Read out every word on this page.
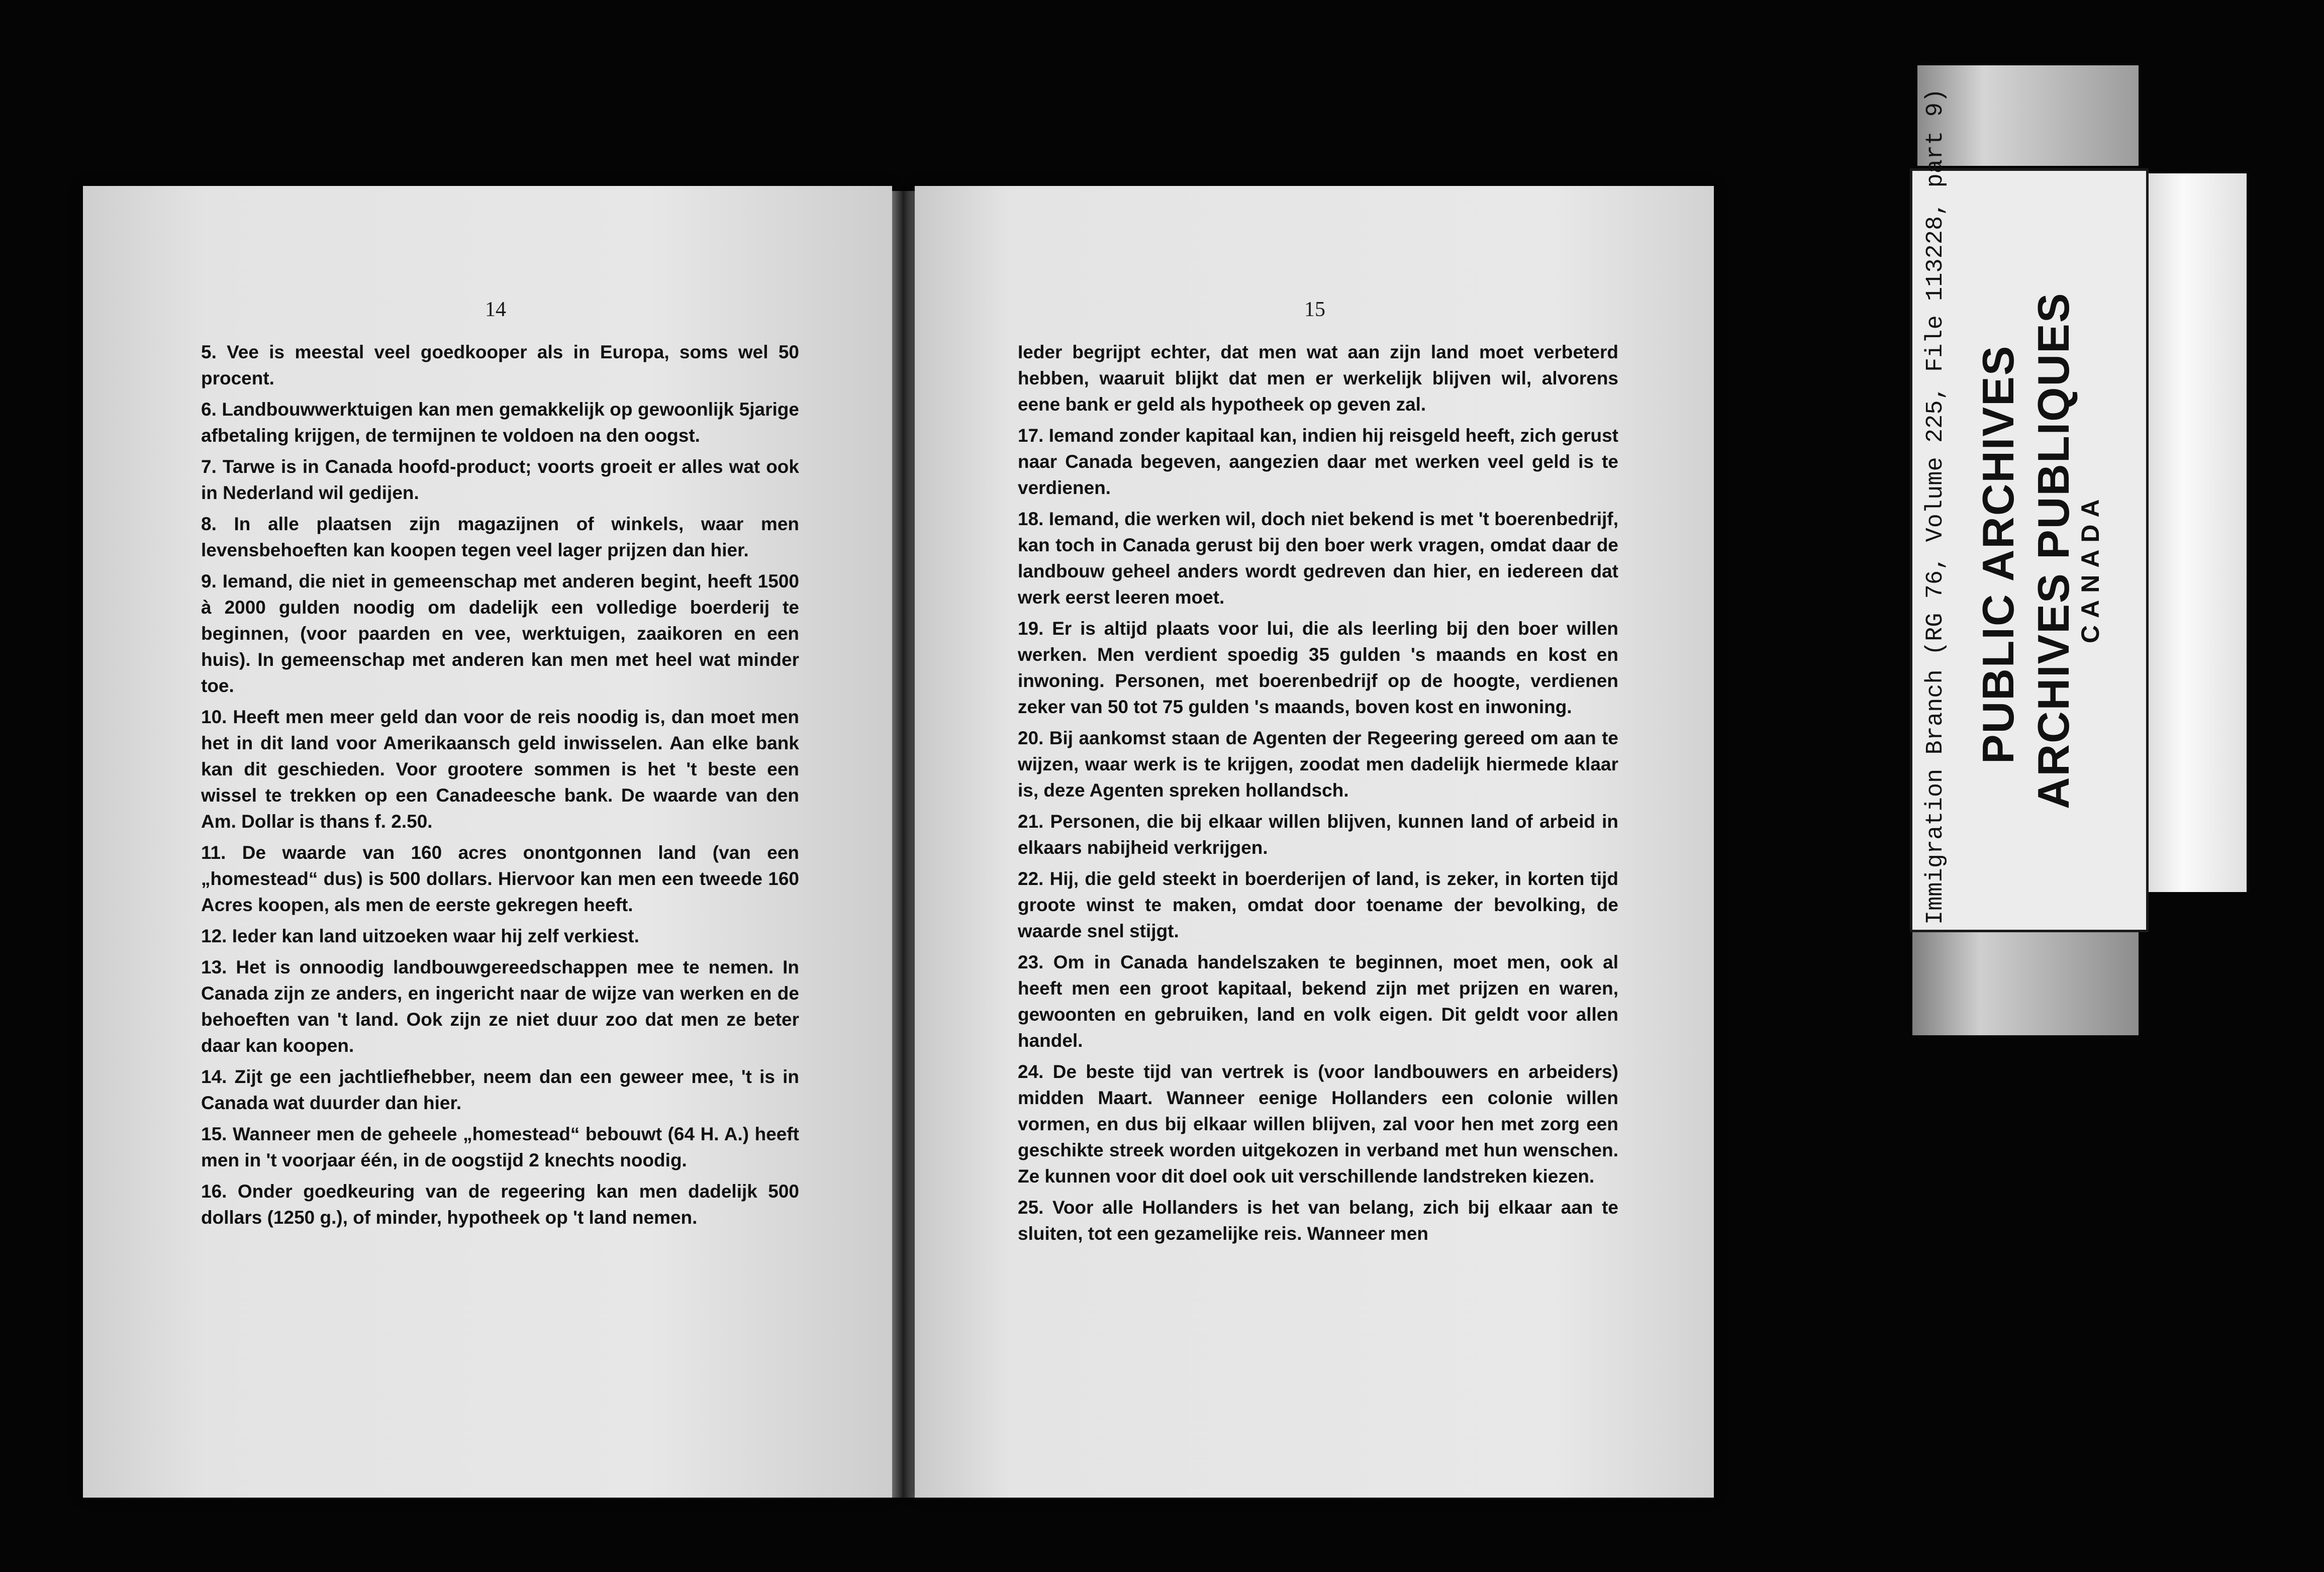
14

5. Vee is meestal veel goedkooper als in Europa, soms wel 50 procent.

6. Landbouwwerktuigen kan men gemakkelijk op gewoonlijk 5jarige afbetaling krijgen, de termijnen te voldoen na den oogst.

7. Tarwe is in Canada hoofd-product; voorts groeit er alles wat ook in Nederland wil gedijen.

8. In alle plaatsen zijn magazijnen of winkels, waar men levensbehoeften kan koopen tegen veel lager prijzen dan hier.

9. Iemand, die niet in gemeenschap met anderen begint, heeft 1500 à 2000 gulden noodig om dadelijk een volledige boerderij te beginnen, (voor paarden en vee, werktuigen, zaaikoren en een huis). In gemeenschap met anderen kan men met heel wat minder toe.

10. Heeft men meer geld dan voor de reis noodig is, dan moet men het in dit land voor Amerikaansch geld inwisselen. Aan elke bank kan dit geschieden. Voor grootere sommen is het 't beste een wissel te trekken op een Canadeesche bank. De waarde van den Am. Dollar is thans f. 2.50.

11. De waarde van 160 acres onontgonnen land (van een „homestead“ dus) is 500 dollars. Hiervoor kan men een tweede 160 Acres koopen, als men de eerste gekregen heeft.

12. Ieder kan land uitzoeken waar hij zelf verkiest.

13. Het is onnoodig landbouwgereedschappen mee te nemen. In Canada zijn ze anders, en ingericht naar de wijze van werken en de behoeften van 't land. Ook zijn ze niet duur zoo dat men ze beter daar kan koopen.

14. Zijt ge een jachtliefhebber, neem dan een geweer mee, 't is in Canada wat duurder dan hier.

15. Wanneer men de geheele „homestead“ bebouwt (64 H. A.) heeft men in 't voorjaar één, in de oogstijd 2 knechts noodig.

16. Onder goedkeuring van de regeering kan men dadelijk 500 dollars (1250 g.), of minder, hypotheek op 't land nemen.

15

Ieder begrijpt echter, dat men wat aan zijn land moet verbeterd hebben, waaruit blijkt dat men er werkelijk blijven wil, alvorens eene bank er geld als hypotheek op geven zal.

17. Iemand zonder kapitaal kan, indien hij reisgeld heeft, zich gerust naar Canada begeven, aangezien daar met werken veel geld is te verdienen.

18. Iemand, die werken wil, doch niet bekend is met 't boerenbedrijf, kan toch in Canada gerust bij den boer werk vragen, omdat daar de landbouw geheel anders wordt gedreven dan hier, en iedereen dat werk eerst leeren moet.

19. Er is altijd plaats voor lui, die als leerling bij den boer willen werken. Men verdient spoedig 35 gulden 's maands en kost en inwoning. Personen, met boerenbedrijf op de hoogte, verdienen zeker van 50 tot 75 gulden 's maands, boven kost en inwoning.

20. Bij aankomst staan de Agenten der Regeering gereed om aan te wijzen, waar werk is te krijgen, zoodat men dadelijk hiermede klaar is, deze Agenten spreken hollandsch.

21. Personen, die bij elkaar willen blijven, kunnen land of arbeid in elkaars nabijheid verkrijgen.

22. Hij, die geld steekt in boerderijen of land, is zeker, in korten tijd groote winst te maken, omdat door toename der bevolking, de waarde snel stijgt.

23. Om in Canada handelszaken te beginnen, moet men, ook al heeft men een groot kapitaal, bekend zijn met prijzen en waren, gewoonten en gebruiken, land en volk eigen. Dit geldt voor allen handel.

24. De beste tijd van vertrek is (voor landbouwers en arbeiders) midden Maart. Wanneer eenige Hollanders een colonie willen vormen, en dus bij elkaar willen blijven, zal voor hen met zorg een geschikte streek worden uitgekozen in verband met hun wenschen. Ze kunnen voor dit doel ook uit verschillende landstreken kiezen.

25. Voor alle Hollanders is het van belang, zich bij elkaar aan te sluiten, tot een gezamelijke reis. Wanneer men

Immigration Branch (RG 76, Volume 225, File 113228, part 9) PUBLIC ARCHIVES ARCHIVES PUBLIQUES
CANADA
